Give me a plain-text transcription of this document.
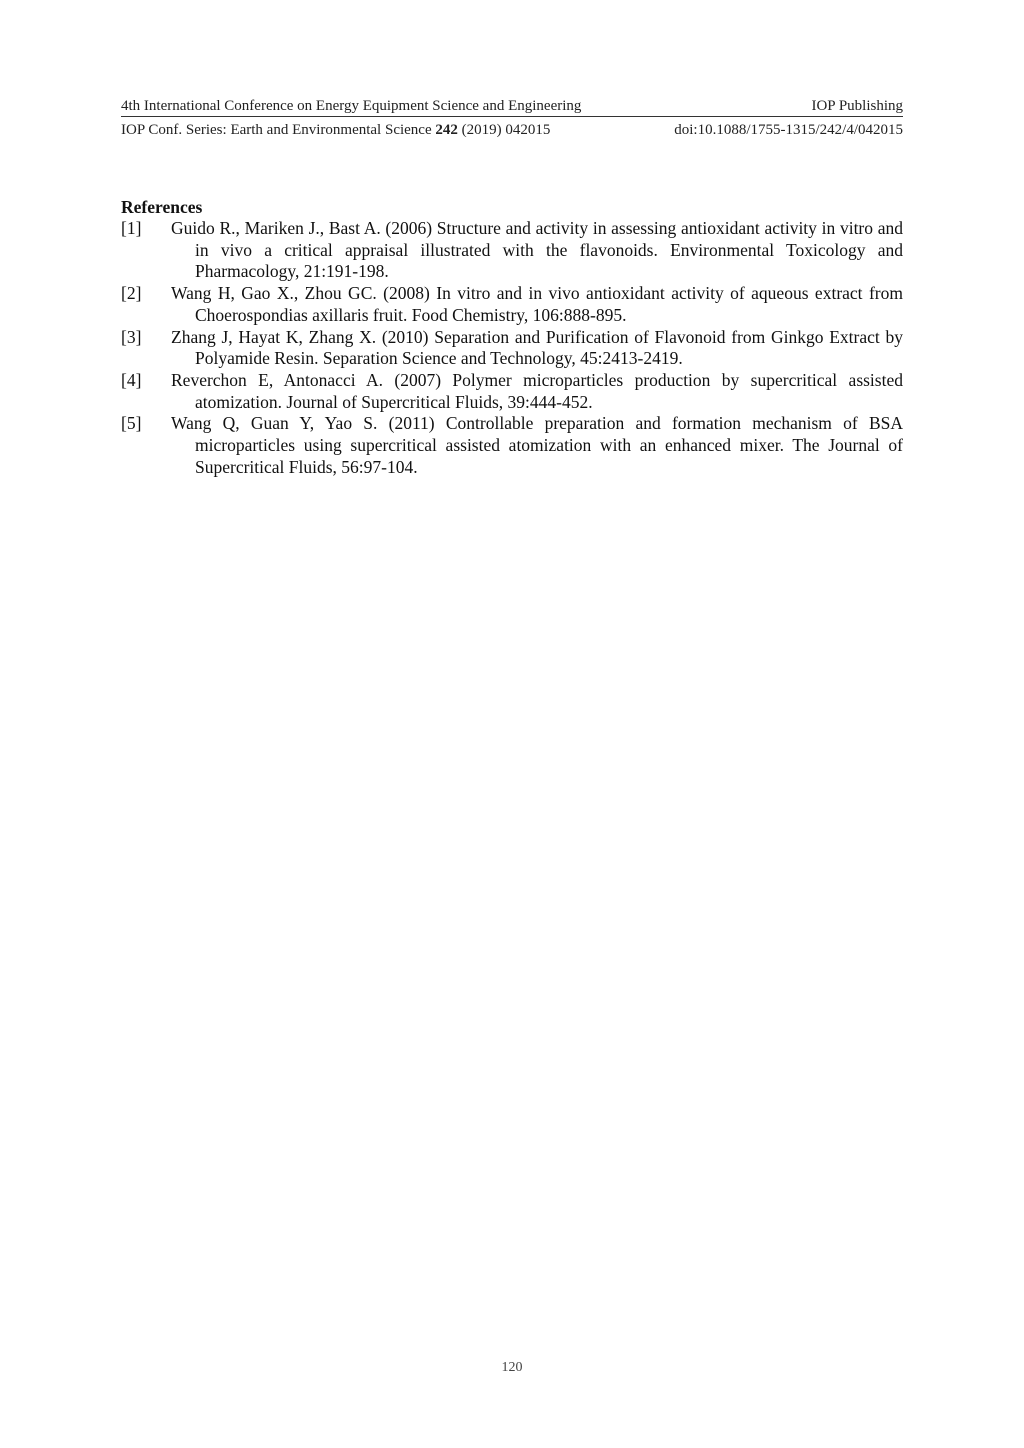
4th International Conference on Energy Equipment Science and Engineering	IOP Publishing
IOP Conf. Series: Earth and Environmental Science 242 (2019) 042015	doi:10.1088/1755-1315/242/4/042015

References

[1]	Guido R., Mariken J., Bast A. (2006) Structure and activity in assessing antioxidant activity in vitro and in vivo a critical appraisal illustrated with the flavonoids. Environmental Toxicology and Pharmacology, 21:191-198.
[2]	Wang H, Gao X., Zhou GC. (2008) In vitro and in vivo antioxidant activity of aqueous extract from Choerospondias axillaris fruit. Food Chemistry, 106:888-895.
[3]	Zhang J, Hayat K, Zhang X. (2010) Separation and Purification of Flavonoid from Ginkgo Extract by Polyamide Resin. Separation Science and Technology, 45:2413-2419.
[4]	Reverchon E, Antonacci A. (2007) Polymer microparticles production by supercritical assisted atomization. Journal of Supercritical Fluids, 39:444-452.
[5]	Wang Q, Guan Y, Yao S. (2011) Controllable preparation and formation mechanism of BSA microparticles using supercritical assisted atomization with an enhanced mixer. The Journal of Supercritical Fluids, 56:97-104.
120
